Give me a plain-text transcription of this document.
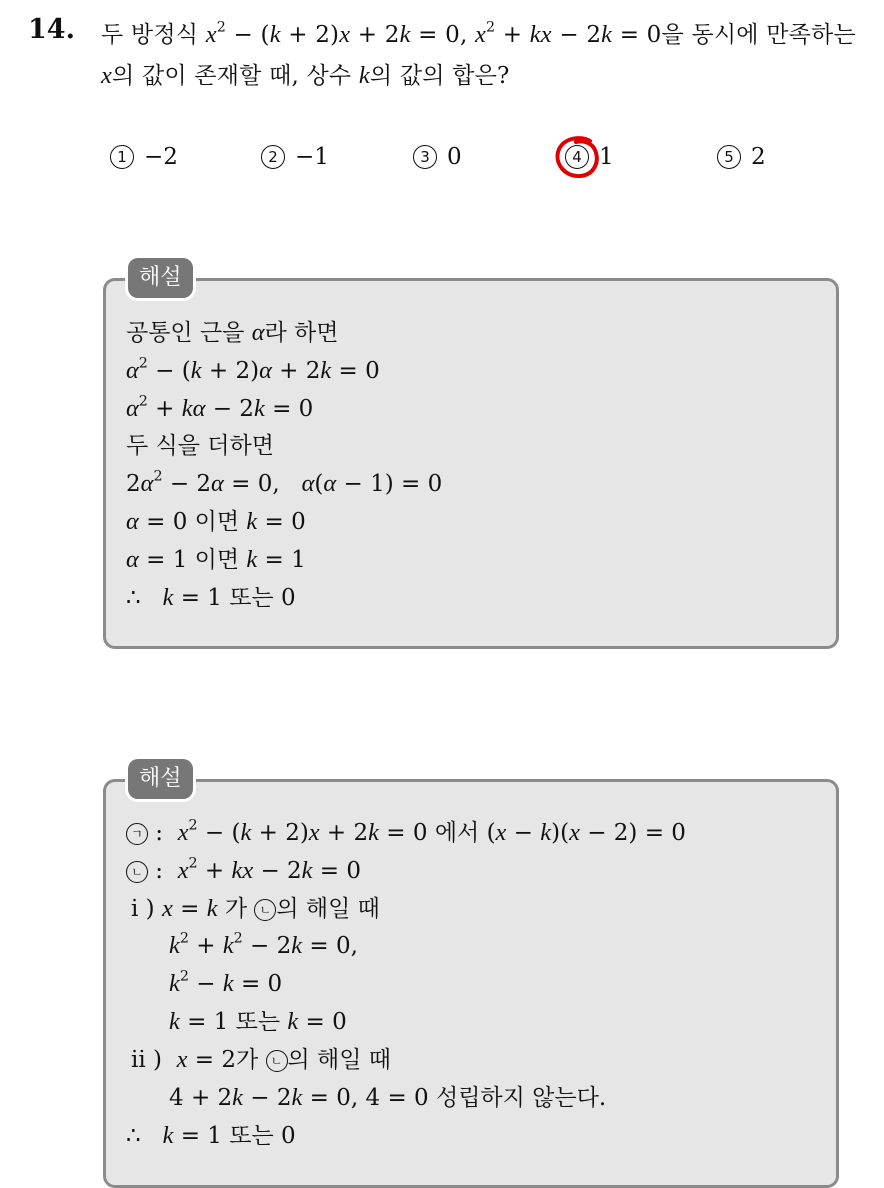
14. 두 방정식 $x^2 - (k + 2)x + 2k = 0$, $x^2$ + kx − 2k = 0을 동시에 만족하는
x의 값이 존재할 때, 상수 k의 값의 합은?
1 −2	2 −1	3 0	4 1	5 2
해설
공통인 근을 α라 하면
$\alpha^2 - (k + 2)\alpha + 2k = 0$
$\alpha^2 + k\alpha - 2k = 0$
두 식을 더하면
$2\alpha^2 - 2\alpha = 0$,   α(α − 1) = 0
α = 0 이면 k = 0
α = 1 이면 k = 1
∴   k = 1 또는 0
해설
ㄱ :  $x^2 - (k + 2)x + 2k = 0$ 에서 (x − k)(x − 2) = 0
ㄴ :  $x^2$ + kx − 2k = 0
i ) x = k 가 ㄴ 의 해일 때
$k^2 + k^2 - 2k = 0$,
$k^2 - k = 0$
k = 1 또는 k = 0
ii )  x = 2가 ㄴ 의 해일 때
4 + 2k − 2k = 0, 4 = 0 성립하지 않는다.
∴   k = 1 또는 0
